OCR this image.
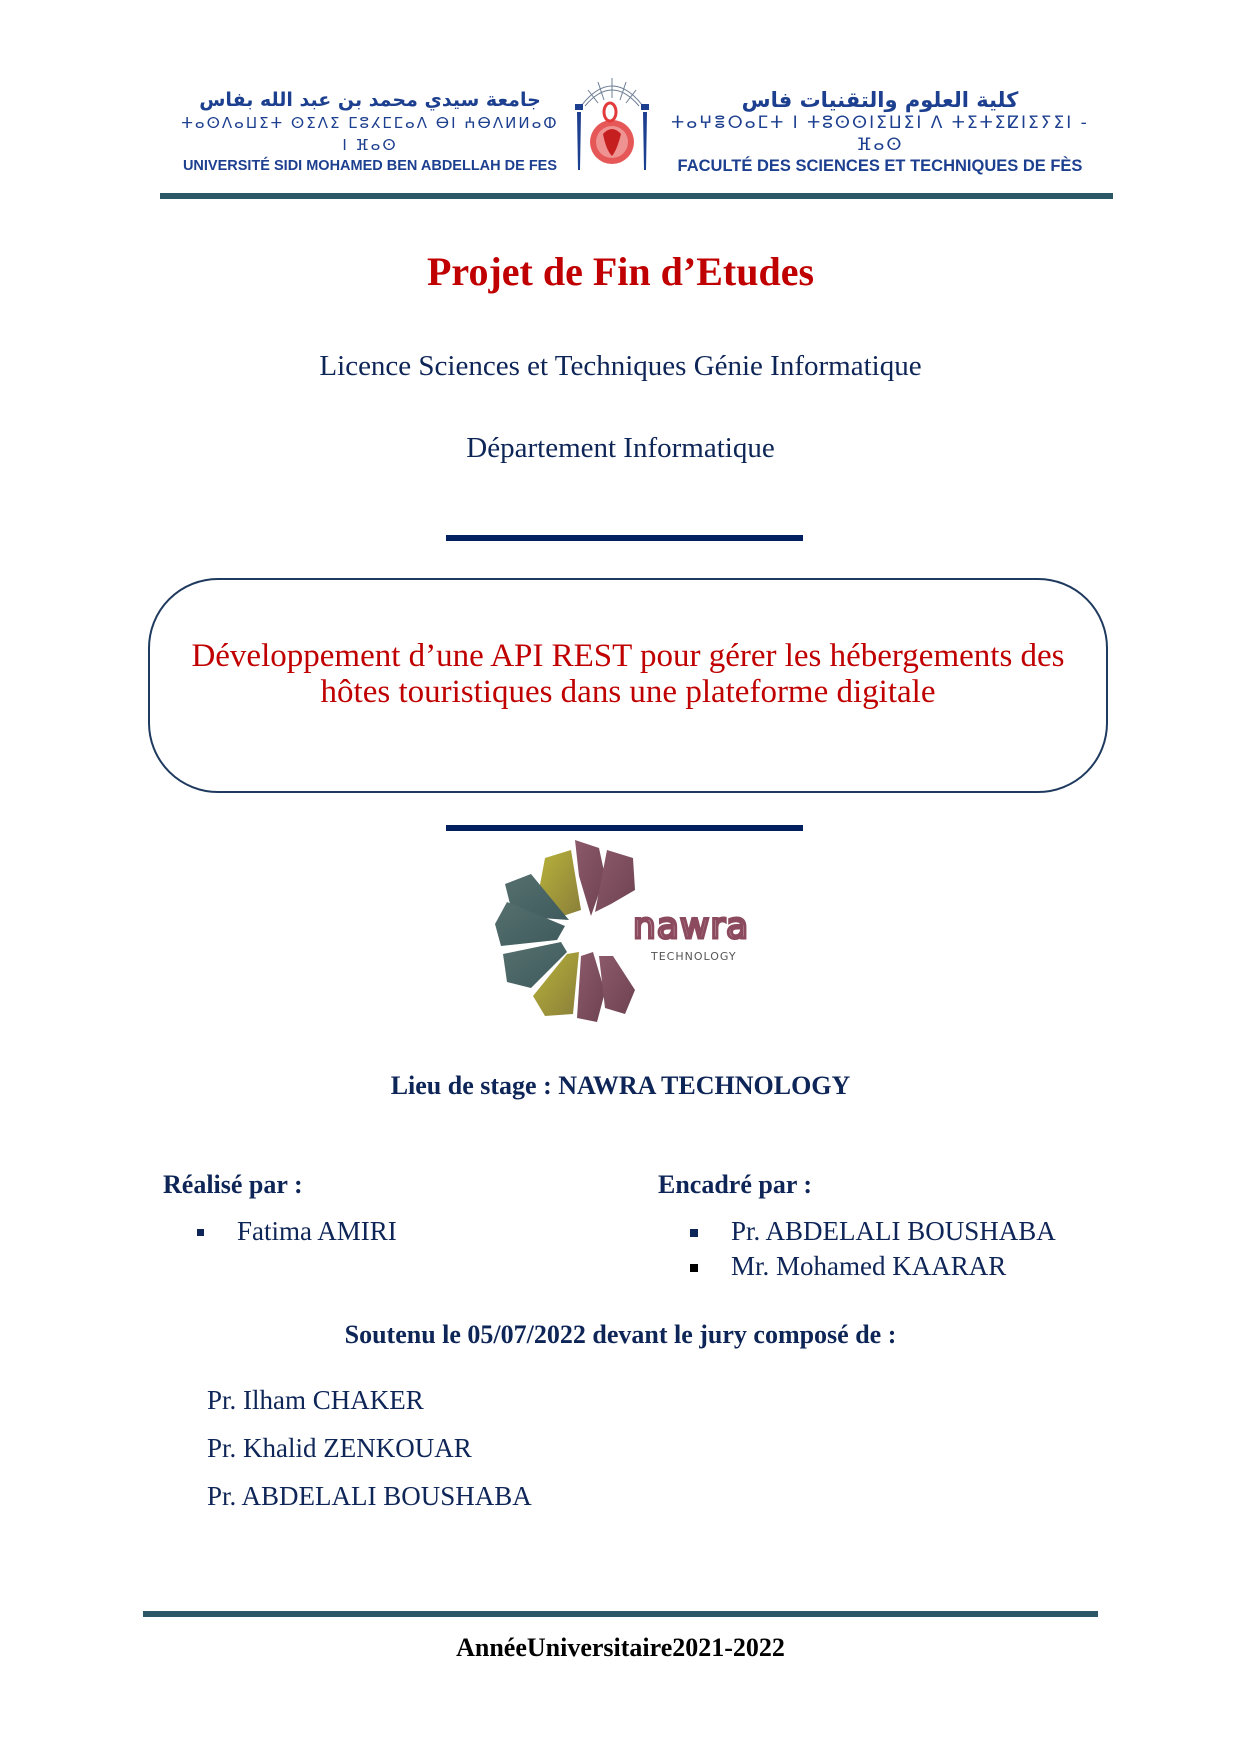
جامعة سيدي محمد بن عبد الله بفاس
ⵜⴰⵙⴷⴰⵡⵉⵜ ⵙⵉⴷⵉ ⵎⵓⵃⵎⵎⴰⴷ ⴱⵏ ⵄⴱⴷⵍⵍⴰⵀ ⵏ ⴼⴰⵙ
UNIVERSITÉ SIDI MOHAMED BEN ABDELLAH DE FES
كلية العلوم والتقنيات فاس
ⵜⴰⵖⴻⵔⴰⵎⵜ ⵏ ⵜⵓⵙⵙⵏⵉⵡⵉⵏ ⴷ ⵜⵉⵜⵉⵇⵏⵉⵢⵉⵏ - ⴼⴰⵙ
FACULTÉ DES SCIENCES ET TECHNIQUES DE FÈS
Projet de Fin d’Etudes
Licence Sciences et Techniques Génie Informatique
Département Informatique
Développement d’une API REST pour gérer les hébergements des hôtes touristiques dans une plateforme digitale
nawra
TECHNOLOGY
Lieu de stage : NAWRA TECHNOLOGY
Réalisé par :	Encadré par :
Fatima AMIRI	Pr. ABDELALI BOUSHABA
Mr. Mohamed KAARAR
Soutenu le 05/07/2022 devant le jury composé de :
Pr. Ilham CHAKER
Pr. Khalid ZENKOUAR
Pr. ABDELALI BOUSHABA
AnnéeUniversitaire2021-2022
